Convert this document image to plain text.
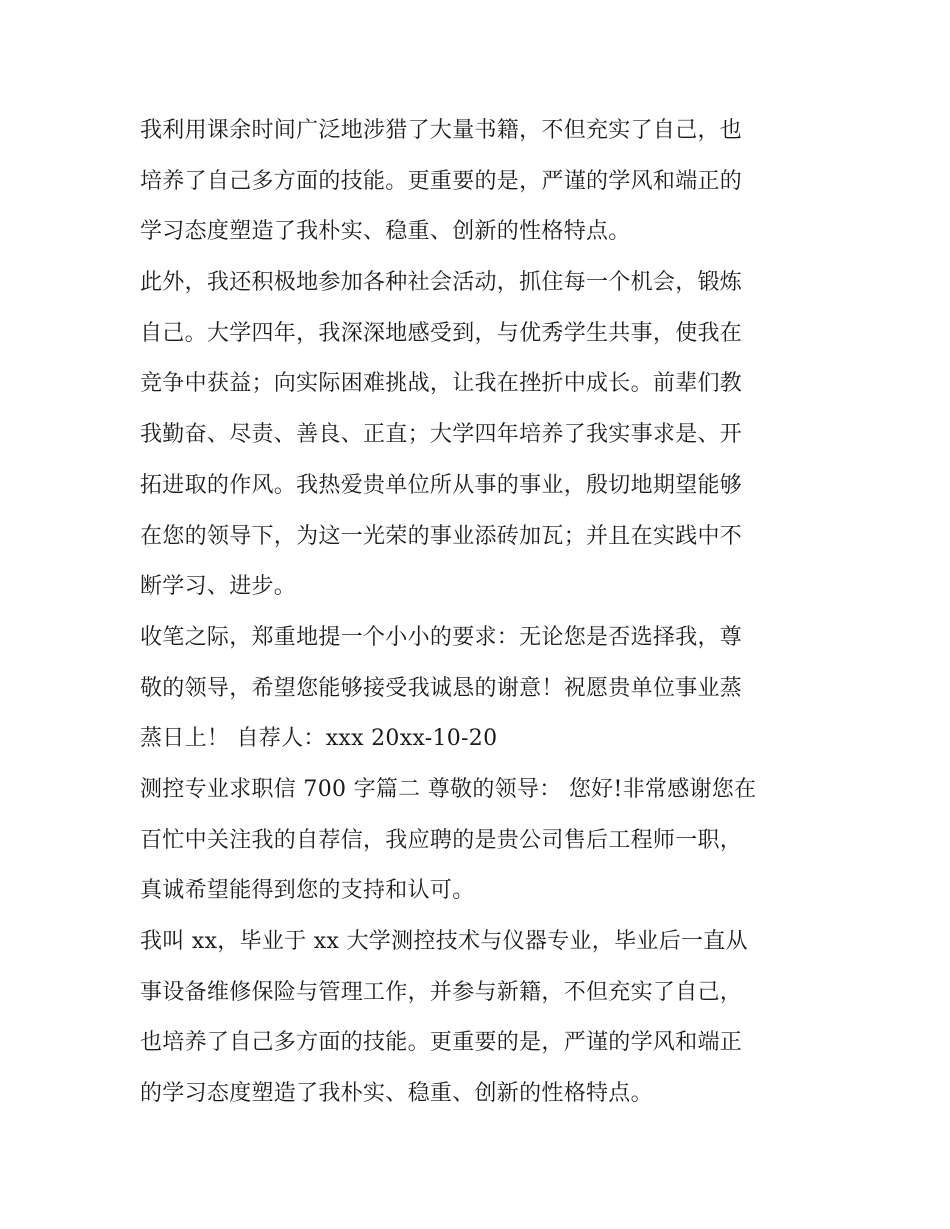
我利用课余时间广泛地涉猎了大量书籍，不但充实了自己，也
培养了自己多方面的技能。更重要的是，严谨的学风和端正的
学习态度塑造了我朴实、稳重、创新的性格特点。
此外，我还积极地参加各种社会活动，抓住每一个机会，锻炼
自己。大学四年，我深深地感受到，与优秀学生共事，使我在
竞争中获益；向实际困难挑战，让我在挫折中成长。前辈们教
我勤奋、尽责、善良、正直；大学四年培养了我实事求是、开
拓进取的作风。我热爱贵单位所从事的事业，殷切地期望能够
在您的领导下，为这一光荣的事业添砖加瓦；并且在实践中不
断学习、进步。
收笔之际，郑重地提一个小小的要求：无论您是否选择我，尊
敬的领导，希望您能够接受我诚恳的谢意！祝愿贵单位事业蒸
蒸日上！ 自荐人：xxx 20xx-10-20
测控专业求职信 700 字篇二 尊敬的领导： 您好!非常感谢您在
百忙中关注我的自荐信，我应聘的是贵公司售后工程师一职，
真诚希望能得到您的支持和认可。
我叫 xx，毕业于 xx 大学测控技术与仪器专业，毕业后一直从
事设备维修保险与管理工作，并参与新籍，不但充实了自己，
也培养了自己多方面的技能。更重要的是，严谨的学风和端正
的学习态度塑造了我朴实、稳重、创新的性格特点。
